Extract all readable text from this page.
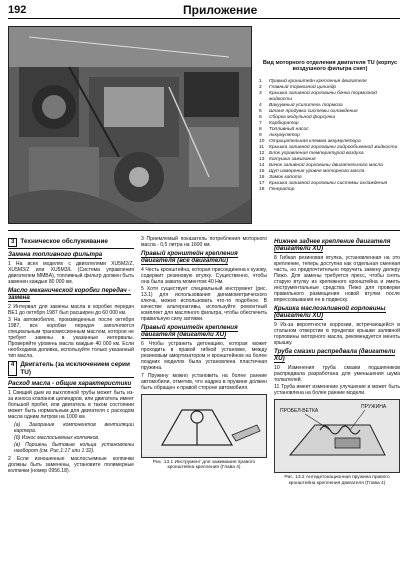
192	Приложение
Вид моторного отделения двигателя TU (корпус воздушного фильтра снят)
1 Правый кронштейн крепления двигателя
2 Главный тормозной цилиндр
3 Крышка заливной горловины бачка тормозной жидкости
4 Вакуумный усилитель тормоза
5 Шланг продувки системы охлаждения
6 Сборка модульной форсунки
7 Карбюратор
8 Топливный насос
9 Аккумулятор
10 Отрицательная клемма аккумулятора
11 Крышка заливной горловины гидрообъемной жидкости
12 Блок управления температурой воздуха
13 Катушка зажигания
14 Бачок заливной горловины двигательного масла
15 Щуп измерения уровня моторного масла
16 Замок капота
17 Крышка заливной горловины системы охлаждения
18 Генератор
3 Техническое обслуживание
Замена топливного фильтра

1 На всех моделях с двигателями XU5M2/Z, XU5M3/Z или XU5M3/L (Система управления двигателем MMBA), топливный фильтр должен быть заменен каждые 80 000 км.

Масло механической коробки передач - замена

2 Интервал для замены масла в коробке передач BE1 до октября 1987 был расширен до 60 000 км.

3 На автомобилях, произведенных после октября 1987, все коробки передач заполняются специальным трансмиссионным маслом, которое не требует замены в указанные интервалы. Проверяйте уровень масла каждые 40 000 км. Если необходима доливка, используйте только указанный тип масла.

4 Двигатель (за исключением серии TU)
Расход масла - общие характеристики

1 Свищий дым из выхлопной трубы может быть из-за износа клапанов цилиндров, или двигатель имеет большой пробег, или двигатель в таком состоянии может быть нормальным для двигателя с расходом масла одним литром на 1000 км.

(а) Загорание компонентов вентиляции картера.

(б) Износ маслосъемных колпачков.

(в) Поршень бытовые кольца установлены наоборот (см. Рис.1:17 или 1:32).

2 Если изношенные маслосъемные колпачки должны быть заменены, установите полимерные колпачки (номер 0956.18).

3 Приемлемый показатель потребления моторного масла - 0,5 литра на 1600 км.

Правый кронштейн крепления двигателя (все двигатели)

4 Честь кронштейна, которая присоединена к кузову, содержит резиновую втулку. Существенно, чтобы она была зажата моментом 40 Нм.

5 Хотя существует специальный инструмент (рис. 13.1) для использования динамометрического ключа, можно использовать что-то подобное. В качестве альтернативы, используйте ремонтный комплект для масляного фильтра, чтобы обеспечить правильную силу затяжки.

Правый кронштейн крепления двигателя (двигатели XU)

6 Чтобы устранить детонацию, которая может проходить в правой гибкой установке, между резиновым амортизатором и кронштейном на более поздних моделях была установлена пластичная пружина.

7 Пружину можно установить на более ранние автомобили, отметив, что надрез в пружине должен быть обращен к правой стороне автомобиля.

Рис. 13.1 Инструмент для зажимания правого кронштейна крепления (Глава 4)
Нижнее заднее крепление двигателя (двигатели XU)

8 Гибкая резиновая втулка, установленная на это крепление, теперь доступна как отдельная сменная часть, но предпочтительно поручить замену дилеру Пежо. Для замены требуется пресс, чтобы снять старую втулку из крепежного кронштейна и иметь инструментальные средства Пежо для проверки правильного размещения новой втулки после впрессовывания ее в подвеску.

Крышка маслозаливной горловины (двигатели XU)

9 Из-за вероятности коррозии, встречающейся в стальном отверстии в пределах крышки заливной горловины моторного масла, рекомендуется менять крышку.

Труба смазки распредвала (двигатели XU)

10 Изменения труба смазки подшипников распредвала разработана для уменьшения шума толкателей.

11 Труба имеет изменение улучшение и может быть установлена на более ранние модели.

ПРОБЕЛ-ВЕТКА
ПРУЖИНА
Рис. 13.2 Антидетонационная пружина правого кронштейна крепления двигателя (Глава 4)
